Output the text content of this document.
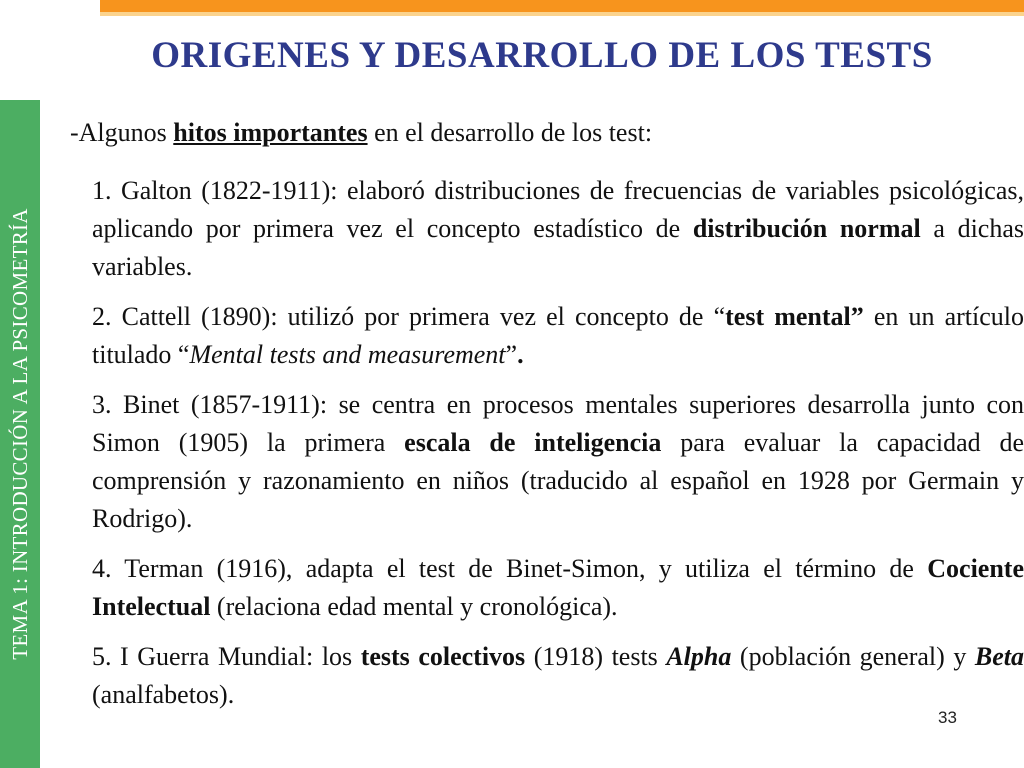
TEMA 1: INTRODUCCIÓN A LA PSICOMETRÍA
ORIGENES Y DESARROLLO DE LOS TESTS

-Algunos hitos importantes en el desarrollo de los test:

1. Galton (1822-1911): elaboró distribuciones de frecuencias de variables psicológicas, aplicando por primera vez el concepto estadístico de distribución normal a dichas variables.
2. Cattell (1890): utilizó por primera vez el concepto de “test mental” en un artículo titulado “Mental tests and measurement”.
3. Binet (1857-1911): se centra en procesos mentales superiores desarrolla junto con Simon (1905) la primera escala de inteligencia para evaluar la capacidad de comprensión y razonamiento en niños (traducido al español en 1928 por Germain y Rodrigo).
4. Terman (1916), adapta el test de Binet-Simon, y utiliza el término de Cociente Intelectual (relaciona edad mental y cronológica).
5. I Guerra Mundial: los tests colectivos (1918) tests Alpha (población general) y Beta (analfabetos).
33
